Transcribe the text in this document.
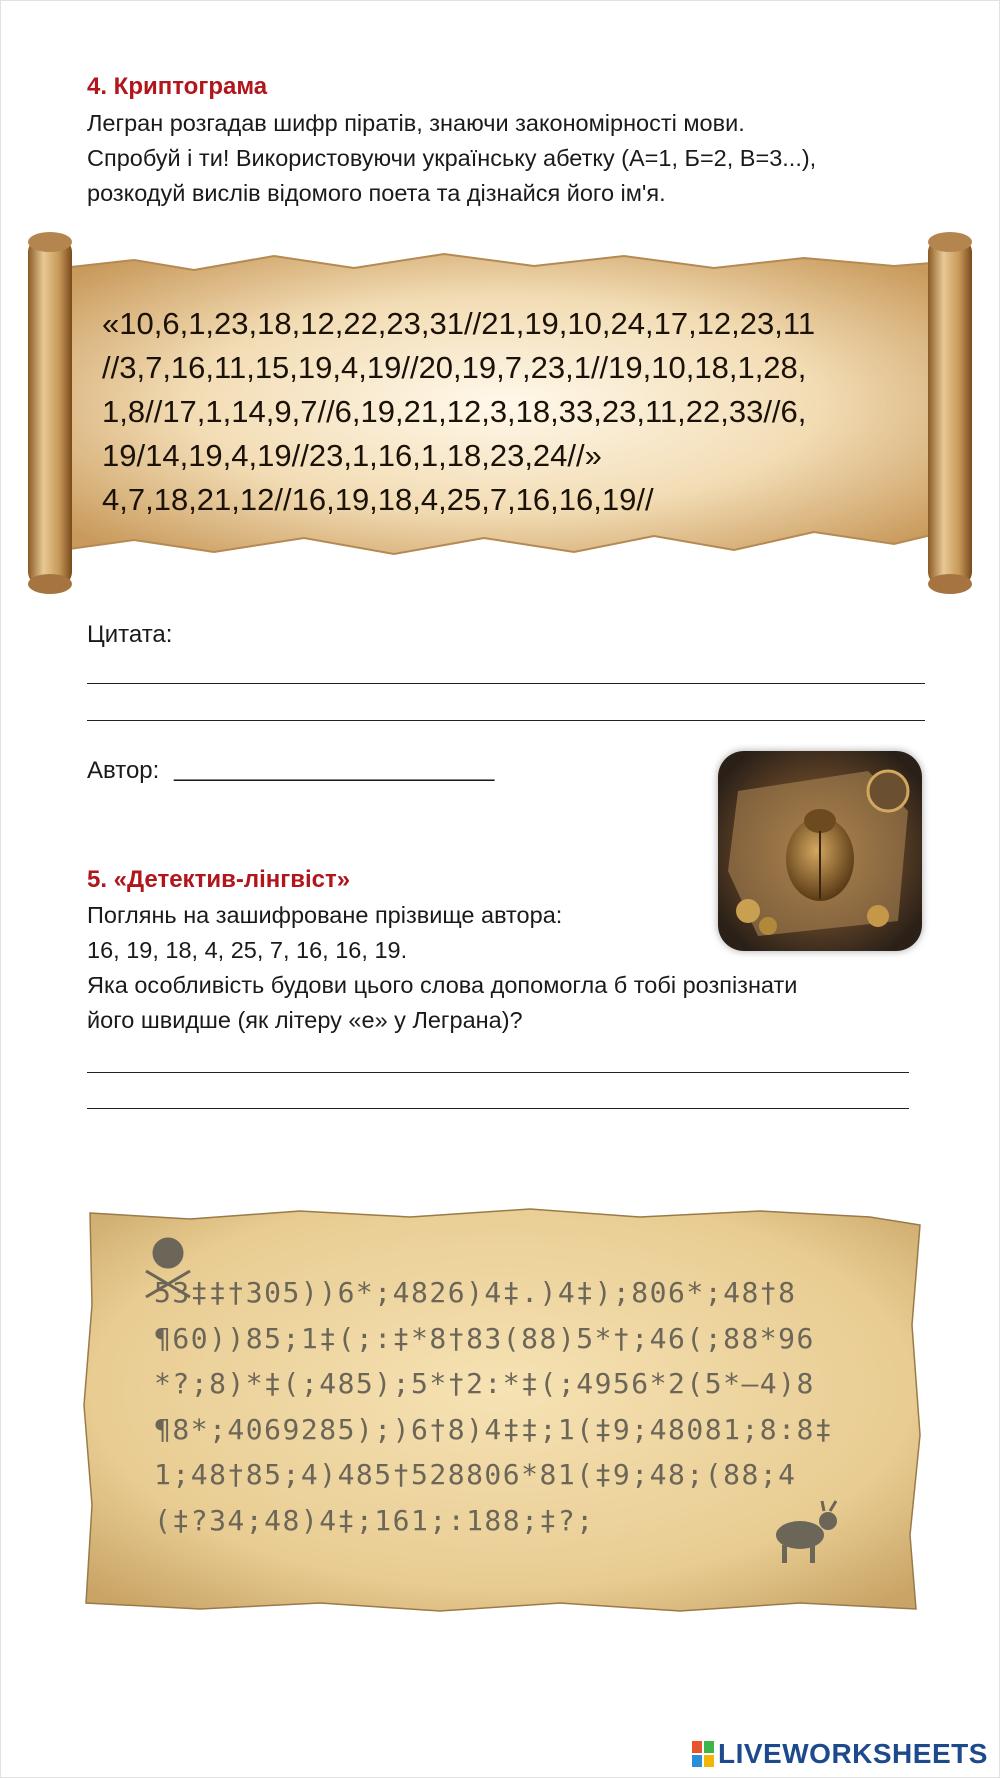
4. Криптограма
Легран розгадав шифр піратів, знаючи закономірності мови.
Спробуй і ти! Використовуючи українську абетку (А=1, Б=2, В=3...),
розкодуй вислів відомого поета та дізнайся його ім'я.
«10,6,1,23,18,12,22,23,31//21,19,10,24,17,12,23,11
//3,7,16,11,15,19,4,19//20,19,7,23,1//19,10,18,1,28,
1,8//17,1,14,9,7//6,19,21,12,3,18,33,23,11,22,33//6,
19/14,19,4,19//23,1,16,1,18,23,24//»
4,7,18,21,12//16,19,18,4,25,7,16,16,19//
Цитата:
Автор: ________________________
5. «Детектив-лінгвіст»
Поглянь на зашифроване прізвище автора:
16, 19, 18, 4, 25, 7, 16, 16, 19.
Яка особливість будови цього слова допомогла б тобі розпізнати
його швидше (як літеру «е» у Леграна)?
53‡‡†305))6*;4826)4‡.)4‡);806*;48†8
¶60))85;1‡(;:‡*8†83(88)5*†;46(;88*96
*?;8)*‡(;485);5*†2:*‡(;4956*2(5*—4)8
¶8*;4069285);)6†8)4‡‡;1(‡9;48081;8:8‡
1;48†85;4)485†528806*81(‡9;48;(88;4
(‡?34;48)4‡;161;:188;‡?;
LIVEWORKSHEETS
